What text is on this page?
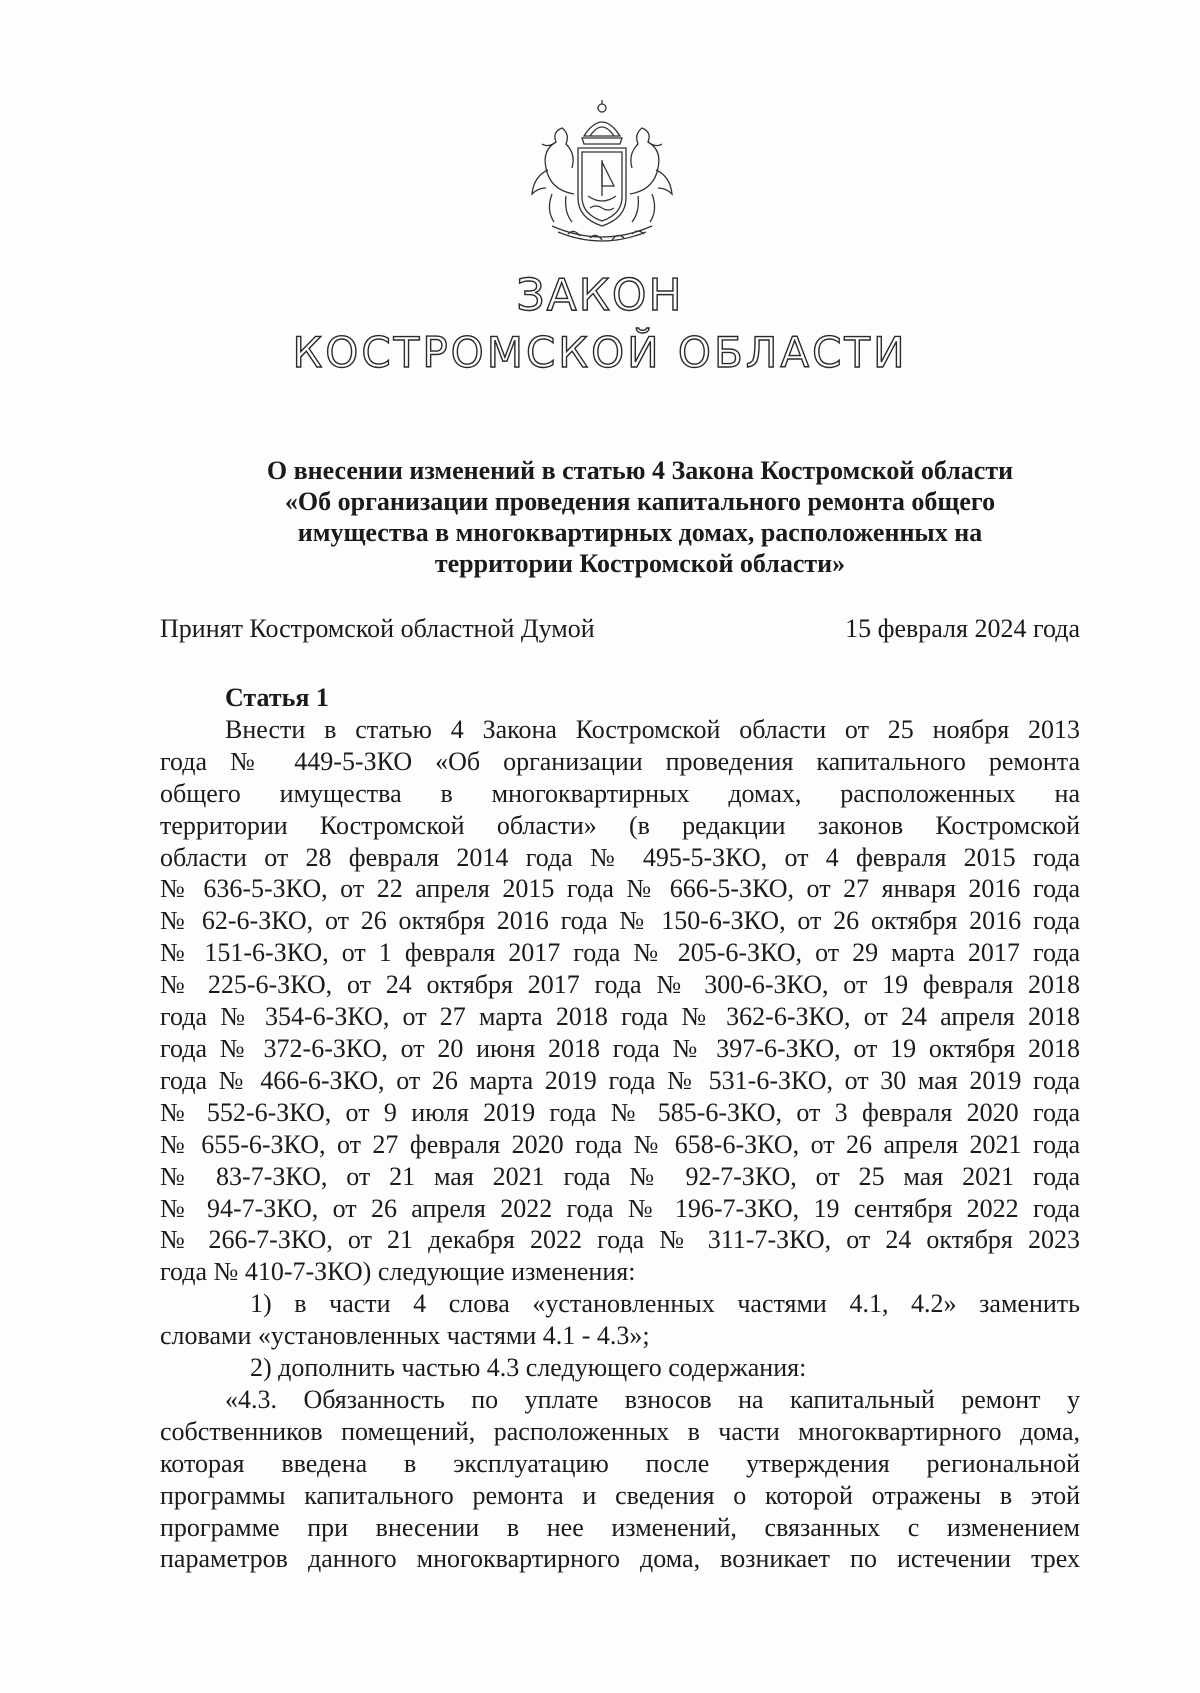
ЗАКОН
КОСТРОМСКОЙ ОБЛАСТИ
О внесении изменений в статью 4 Закона Костромской области
«Об организации проведения капитального ремонта общего
имущества в многоквартирных домах, расположенных на
территории Костромской области»
Принят Костромской областной Думой	15 февраля 2024 года
Статья 1
Внести в статью 4 Закона Костромской области от 25 ноября 2013
года № 449-5-ЗКО «Об организации проведения капитального ремонта
общего имущества в многоквартирных домах, расположенных на
территории Костромской области» (в редакции законов Костромской
области от 28 февраля 2014 года № 495-5-ЗКО, от 4 февраля 2015 года
№ 636-5-ЗКО, от 22 апреля 2015 года № 666-5-ЗКО, от 27 января 2016 года
№ 62-6-ЗКО, от 26 октября 2016 года № 150-6-ЗКО, от 26 октября 2016 года
№ 151-6-ЗКО, от 1 февраля 2017 года № 205-6-ЗКО, от 29 марта 2017 года
№ 225-6-ЗКО, от 24 октября 2017 года № 300-6-ЗКО, от 19 февраля 2018
года № 354-6-ЗКО, от 27 марта 2018 года № 362-6-ЗКО, от 24 апреля 2018
года № 372-6-ЗКО, от 20 июня 2018 года № 397-6-ЗКО, от 19 октября 2018
года № 466-6-ЗКО, от 26 марта 2019 года № 531-6-ЗКО, от 30 мая 2019 года
№ 552-6-ЗКО, от 9 июля 2019 года № 585-6-ЗКО, от 3 февраля 2020 года
№ 655-6-ЗКО, от 27 февраля 2020 года № 658-6-ЗКО, от 26 апреля 2021 года
№ 83-7-ЗКО, от 21 мая 2021 года № 92-7-ЗКО, от 25 мая 2021 года
№ 94-7-ЗКО, от 26 апреля 2022 года № 196-7-ЗКО, 19 сентября 2022 года
№ 266-7-ЗКО, от 21 декабря 2022 года № 311-7-ЗКО, от 24 октября 2023
года № 410-7-ЗКО) следующие изменения:
1) в части 4 слова «установленных частями 4.1, 4.2» заменить
словами «установленных частями 4.1 - 4.3»;
2) дополнить частью 4.3 следующего содержания:
«4.3. Обязанность по уплате взносов на капитальный ремонт у
собственников помещений, расположенных в части многоквартирного дома,
которая введена в эксплуатацию после утверждения региональной
программы капитального ремонта и сведения о которой отражены в этой
программе при внесении в нее изменений, связанных с изменением
параметров данного многоквартирного дома, возникает по истечении трех
